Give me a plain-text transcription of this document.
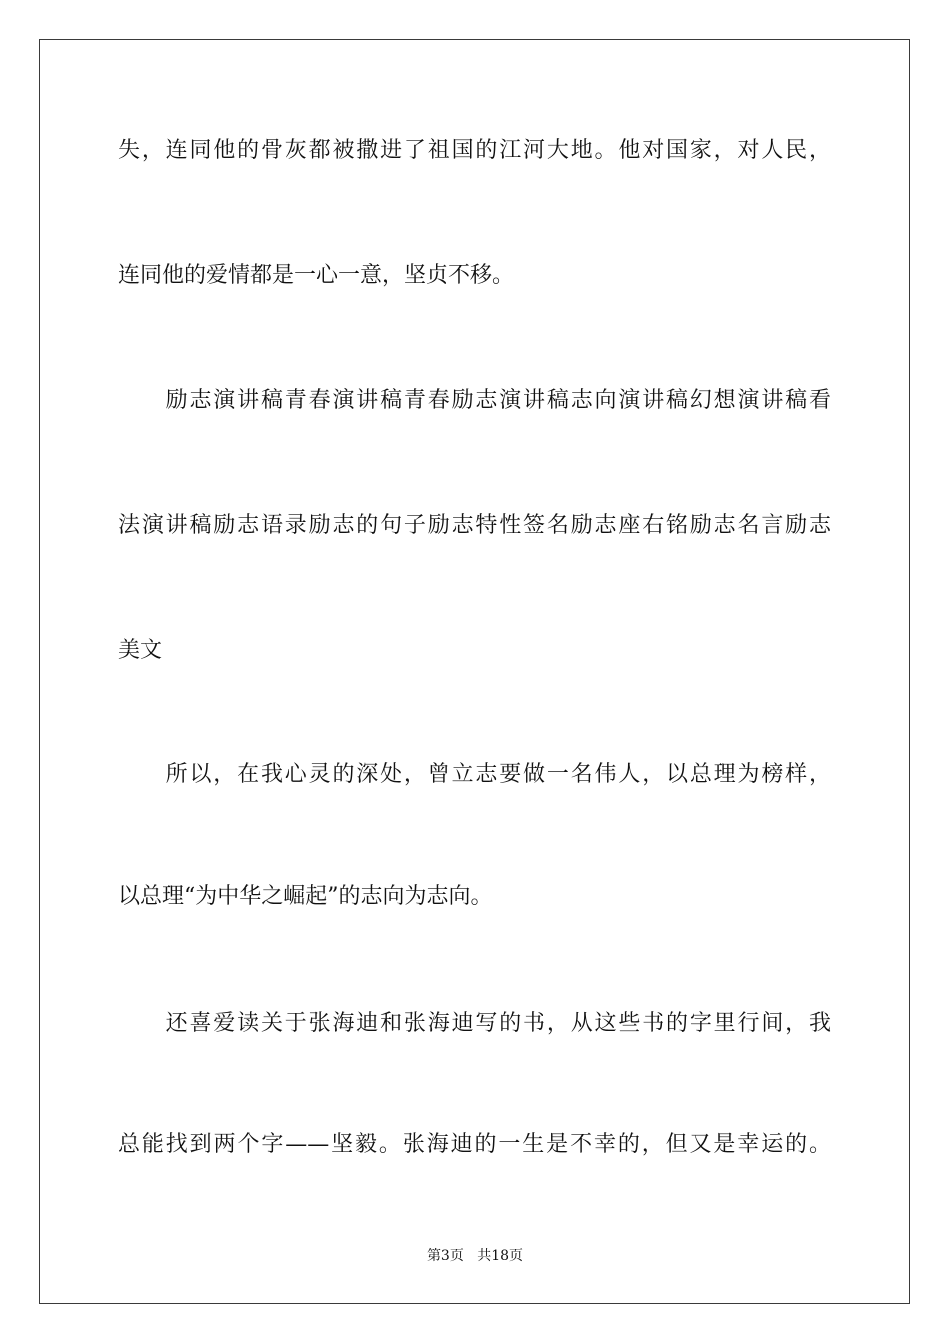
失，连同他的骨灰都被撒进了祖国的江河大地。他对国家，对人民，
连同他的爱情都是一心一意，坚贞不移。
　　励志演讲稿青春演讲稿青春励志演讲稿志向演讲稿幻想演讲稿看
法演讲稿励志语录励志的句子励志特性签名励志座右铭励志名言励志
美文
　　所以，在我心灵的深处，曾立志要做一名伟人，以总理为榜样，
以总理“为中华之崛起”的志向为志向。
　　还喜爱读关于张海迪和张海迪写的书，从这些书的字里行间，我
总能找到两个字——坚毅。张海迪的一生是不幸的，但又是幸运的。
第3页 共18页
